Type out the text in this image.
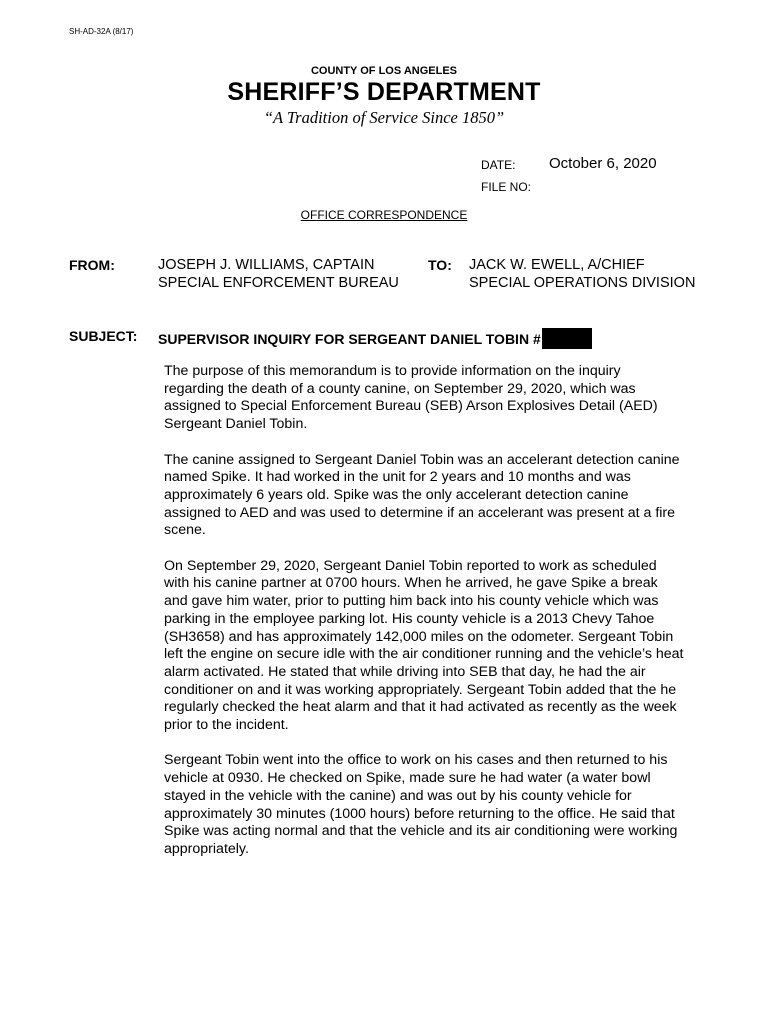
SH-AD-32A (8/17)
COUNTY OF LOS ANGELES
SHERIFF’S DEPARTMENT
“A Tradition of Service Since 1850”
DATE: October 6, 2020
FILE NO:
OFFICE CORRESPONDENCE
FROM:	JOSEPH J. WILLIAMS, CAPTAIN
SPECIAL ENFORCEMENT BUREAU
TO: JACK W. EWELL, A/CHIEF
SPECIAL OPERATIONS DIVISION
SUBJECT: SUPERVISOR INQUIRY FOR SERGEANT DANIEL TOBIN #

The purpose of this memorandum is to provide information on the inquiry regarding the death of a county canine, on September 29, 2020, which was assigned to Special Enforcement Bureau (SEB) Arson Explosives Detail (AED) Sergeant Daniel Tobin.

The canine assigned to Sergeant Daniel Tobin was an accelerant detection canine named Spike. It had worked in the unit for 2 years and 10 months and was approximately 6 years old. Spike was the only accelerant detection canine assigned to AED and was used to determine if an accelerant was present at a fire scene.

On September 29, 2020, Sergeant Daniel Tobin reported to work as scheduled with his canine partner at 0700 hours. When he arrived, he gave Spike a break and gave him water, prior to putting him back into his county vehicle which was parking in the employee parking lot. His county vehicle is a 2013 Chevy Tahoe (SH3658) and has approximately 142,000 miles on the odometer. Sergeant Tobin left the engine on secure idle with the air conditioner running and the vehicle’s heat alarm activated. He stated that while driving into SEB that day, he had the air conditioner on and it was working appropriately. Sergeant Tobin added that the he regularly checked the heat alarm and that it had activated as recently as the week prior to the incident.

Sergeant Tobin went into the office to work on his cases and then returned to his vehicle at 0930. He checked on Spike, made sure he had water (a water bowl stayed in the vehicle with the canine) and was out by his county vehicle for approximately 30 minutes (1000 hours) before returning to the office. He said that Spike was acting normal and that the vehicle and its air conditioning were working appropriately.
